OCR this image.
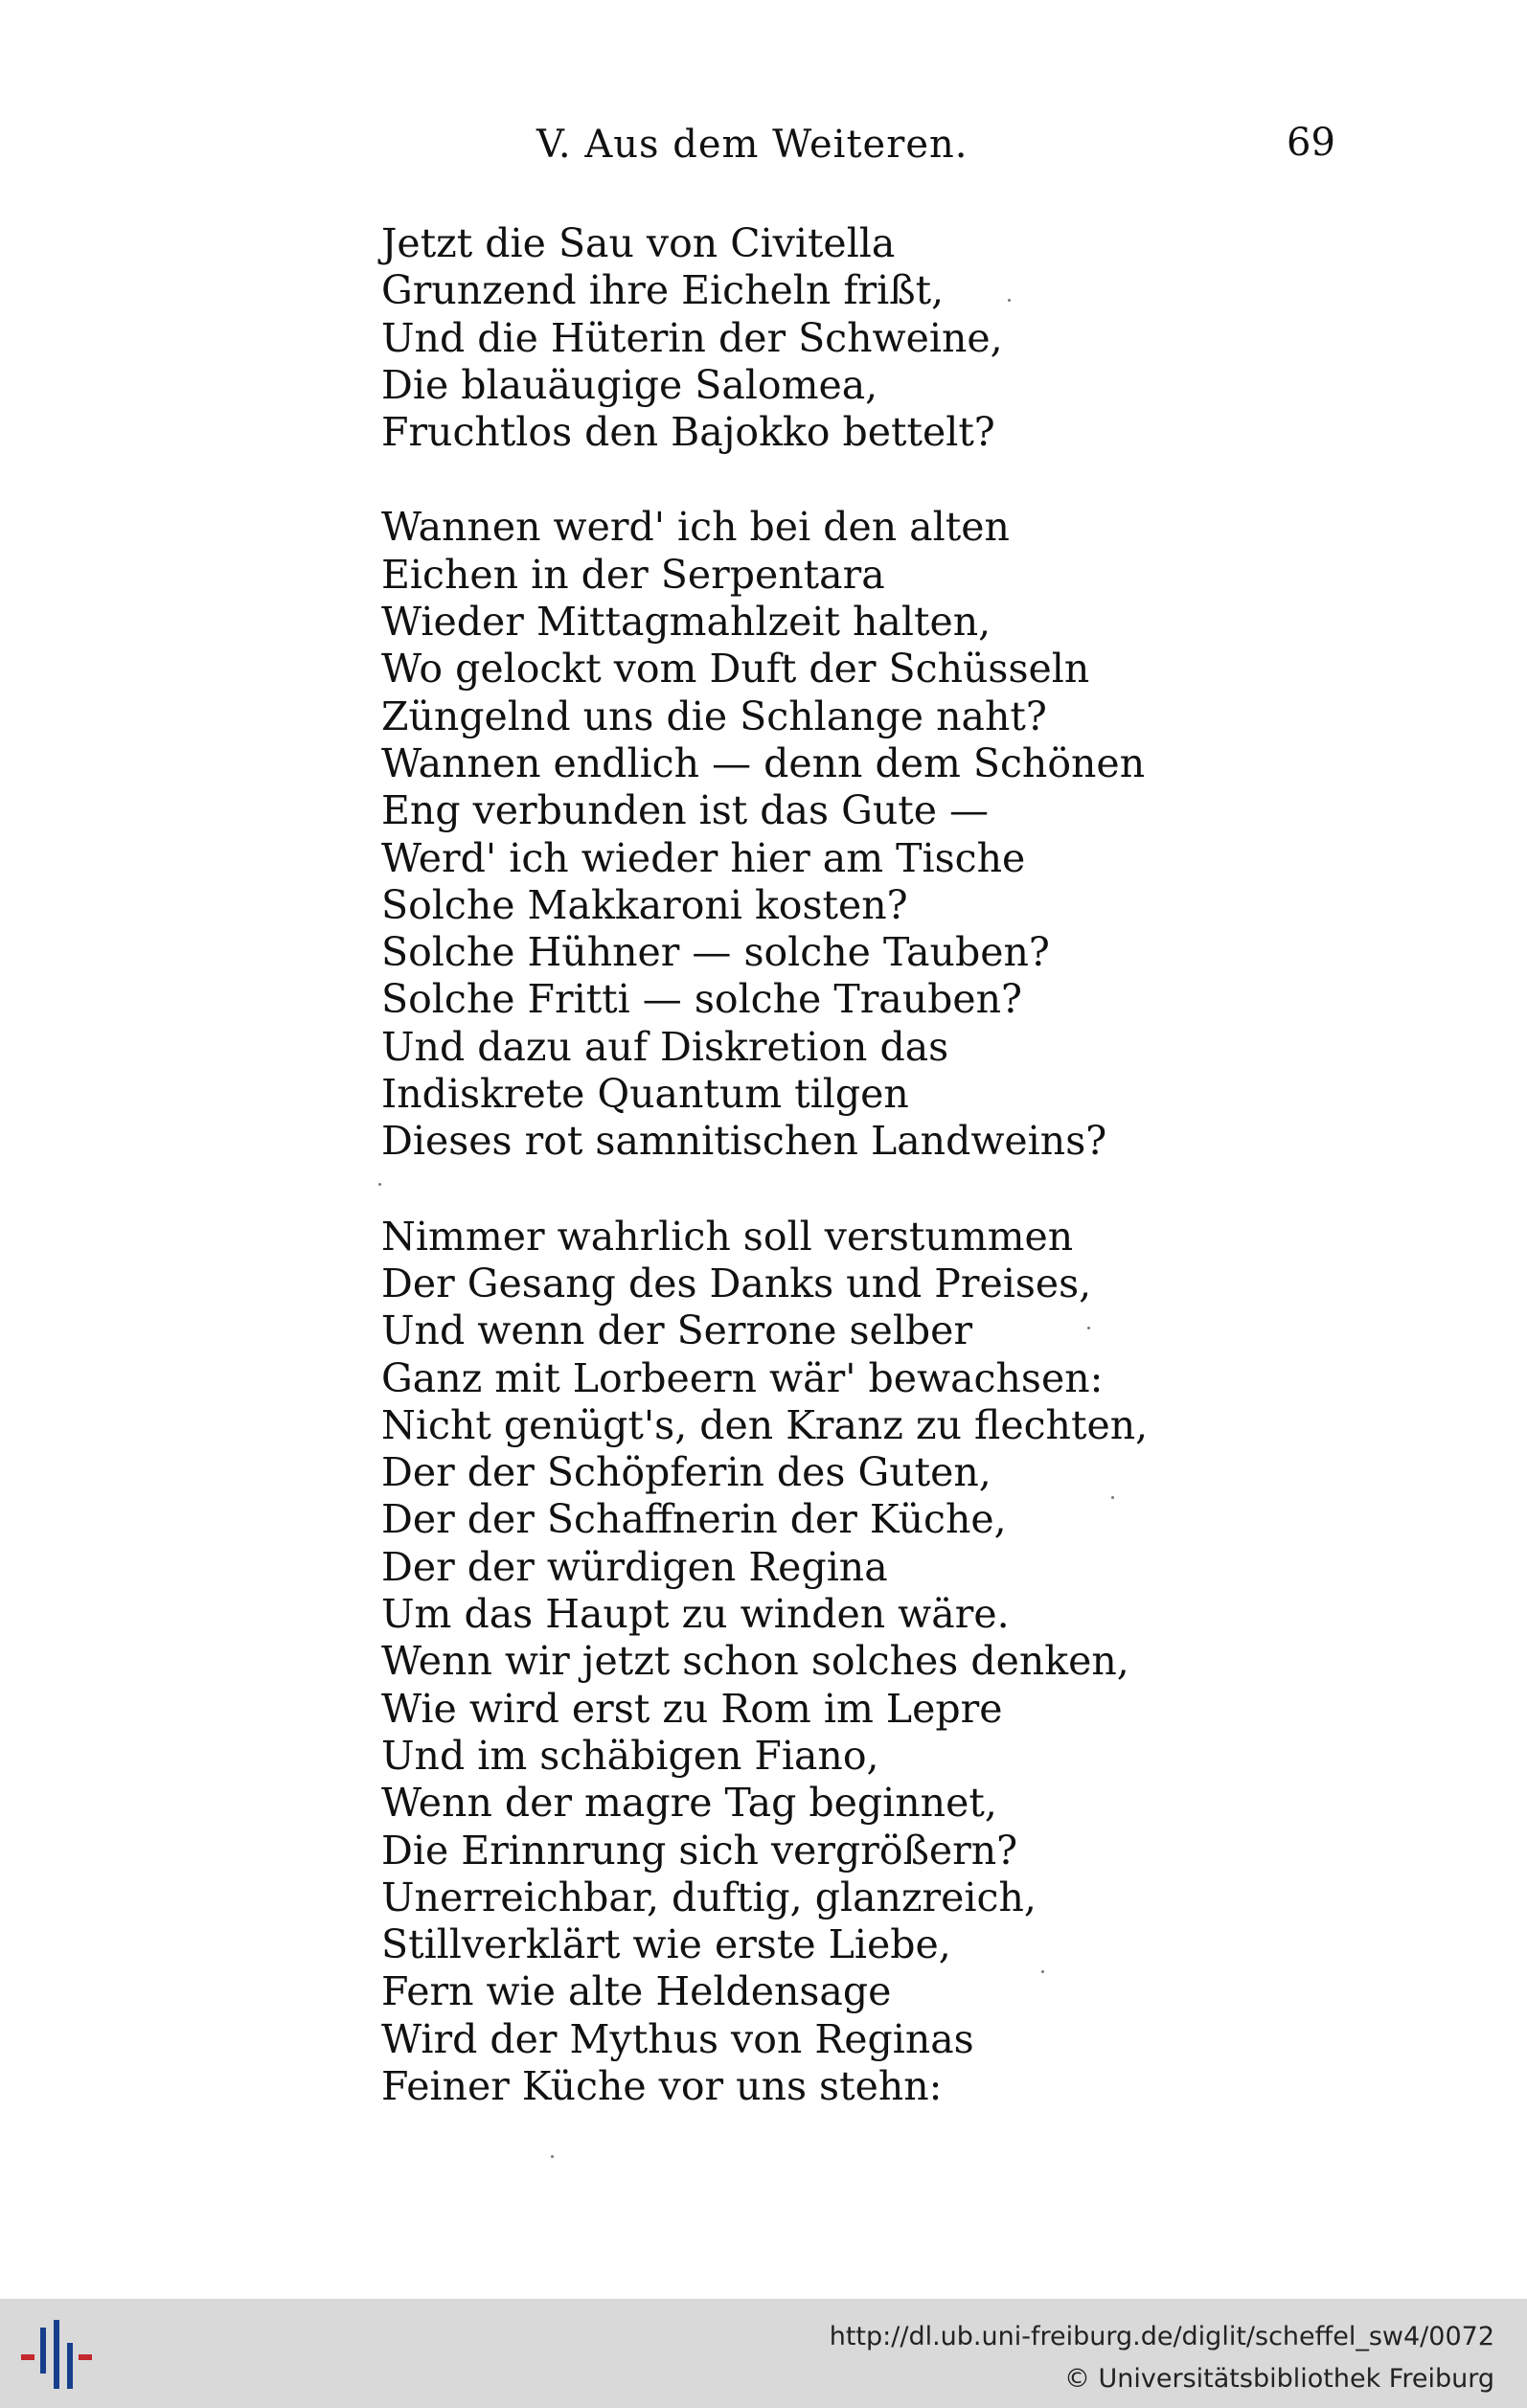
V. Aus dem Weiteren.	69
Jetzt die Sau von Civitella
Grunzend ihre Eicheln frißt,
Und die Hüterin der Schweine,
Die blauäugige Salomea,
Fruchtlos den Bajokko bettelt?
Wannen werd' ich bei den alten
Eichen in der Serpentara
Wieder Mittagmahlzeit halten,
Wo gelockt vom Duft der Schüsseln
Züngelnd uns die Schlange naht?
Wannen endlich — denn dem Schönen
Eng verbunden ist das Gute —
Werd' ich wieder hier am Tische
Solche Makkaroni kosten?
Solche Hühner — solche Tauben?
Solche Fritti — solche Trauben?
Und dazu auf Diskretion das
Indiskrete Quantum tilgen
Dieses rot samnitischen Landweins?
Nimmer wahrlich soll verstummen
Der Gesang des Danks und Preises,
Und wenn der Serrone selber
Ganz mit Lorbeern wär' bewachsen:
Nicht genügt's, den Kranz zu flechten,
Der der Schöpferin des Guten,
Der der Schaffnerin der Küche,
Der der würdigen Regina
Um das Haupt zu winden wäre.
Wenn wir jetzt schon solches denken,
Wie wird erst zu Rom im Lepre
Und im schäbigen Fiano,
Wenn der magre Tag beginnet,
Die Erinnrung sich vergrößern?
Unerreichbar, duftig, glanzreich,
Stillverklärt wie erste Liebe,
Fern wie alte Heldensage
Wird der Mythus von Reginas
Feiner Küche vor uns stehn:
http://dl.ub.uni-freiburg.de/diglit/scheffel_sw4/0072
© Universitätsbibliothek Freiburg
